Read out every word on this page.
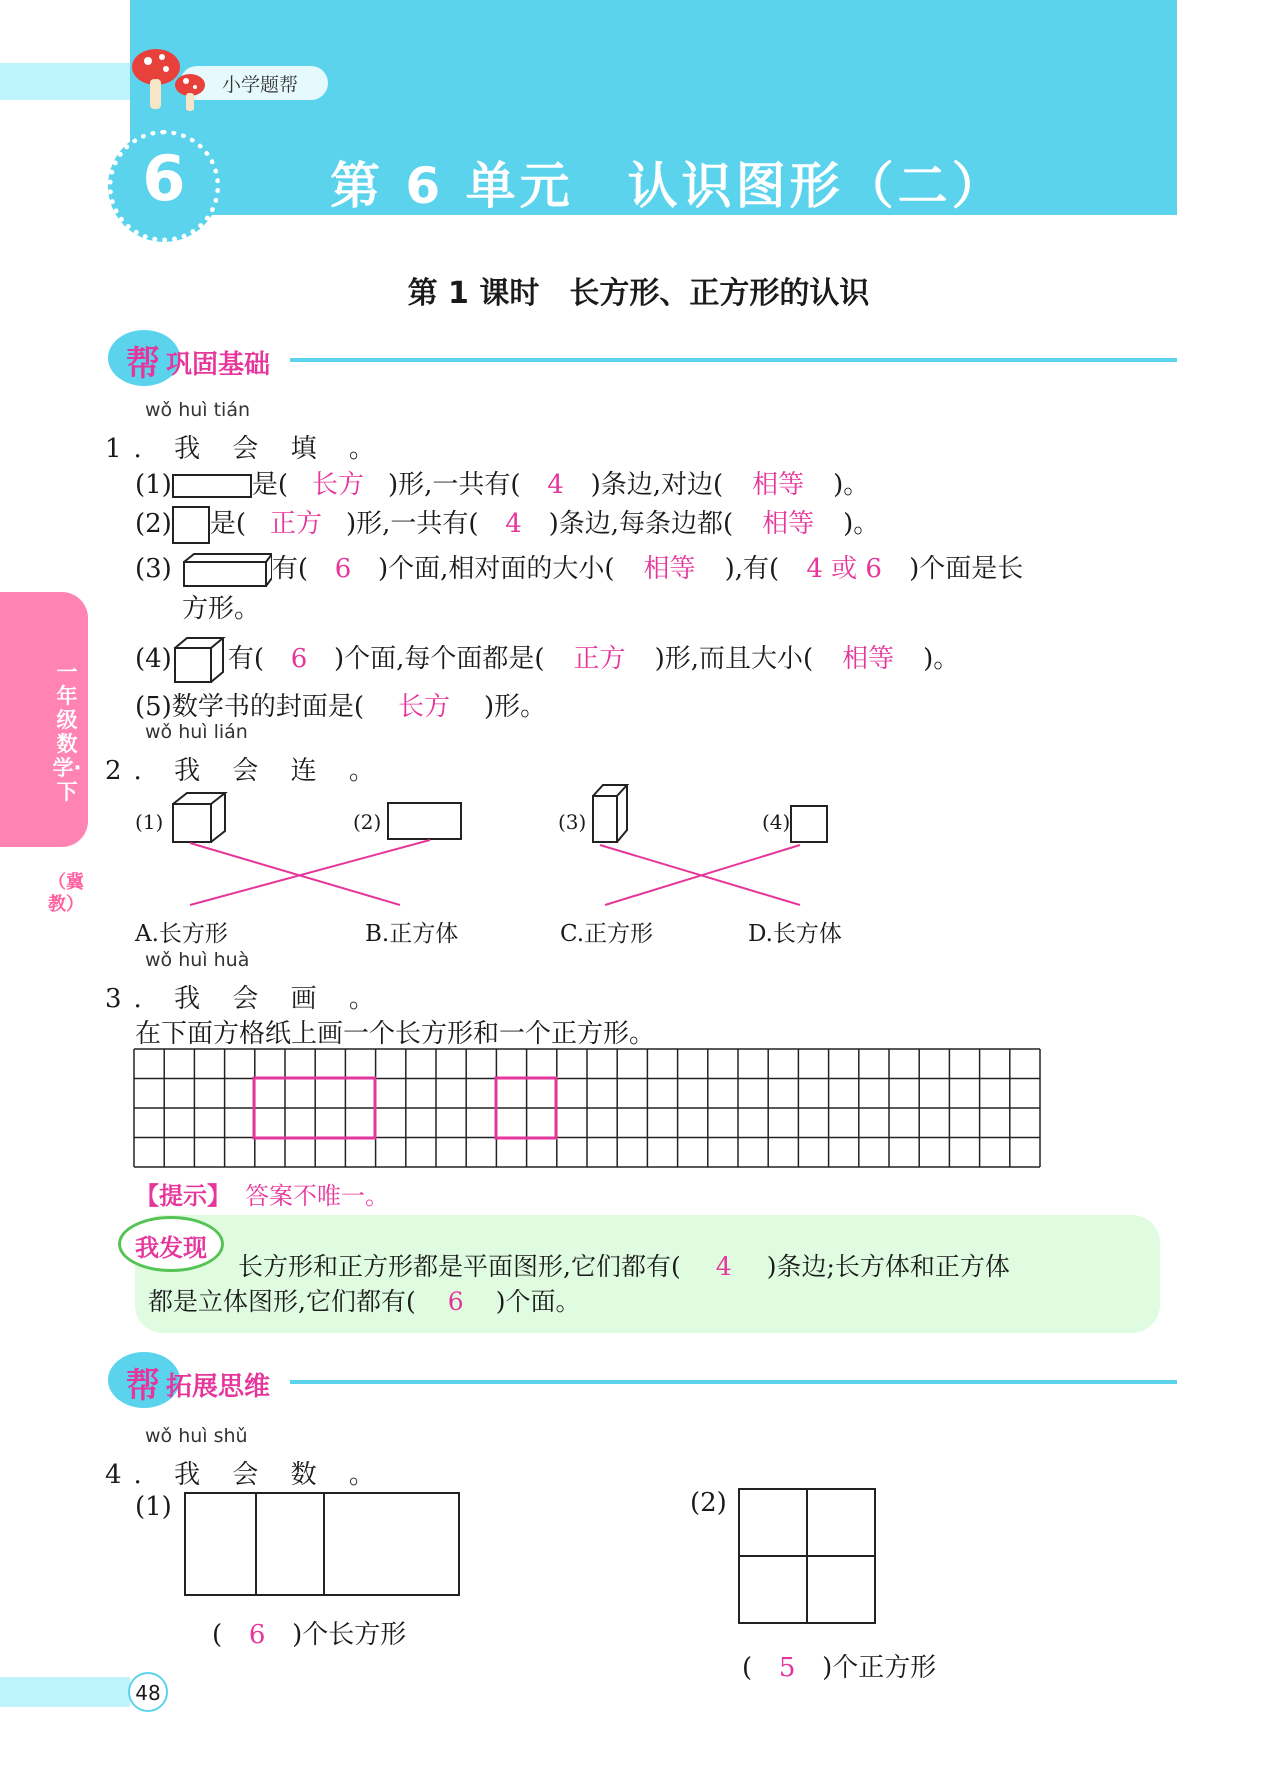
小学题帮
6	第 6 单元　认识图形（二）
第 1 课时　长方形、正方形的认识
帮 巩固基础
一年级数学·下
（冀教）
wǒ huì tián
1. 我 会 填 。
(1)	是( 长方 )形,一共有( 4 )条边,对边( 相等 )。
(2) 是( 正方 )形,一共有( 4 )条边,每条边都( 相等 )。
(3)	有( 6 )个面,相对面的大小( 相等 ),有( 4 或 6 )个面是长
方形。
(4) 有( 6 )个面,每个面都是( 正方 )形,而且大小( 相等 )。
(5)数学书的封面是( 长方 )形。
wǒ huì lián
2. 我 会 连 。
(1)	(2)	(3)	(4)
A.长方形	B.正方体	C.正方形	D.长方体
wǒ huì huà
3. 我 会 画 。
在下面方格纸上画一个长方形和一个正方形。
【提示】 答案不唯一。
我发现
长方形和正方形都是平面图形,它们都有( 4 )条边;长方体和正方体
都是立体图形,它们都有( 6 )个面。
帮 拓展思维
wǒ huì shǔ
4. 我 会 数 。
(1)
( 6 )个长方形
(2)
( 5 )个正方形
48
